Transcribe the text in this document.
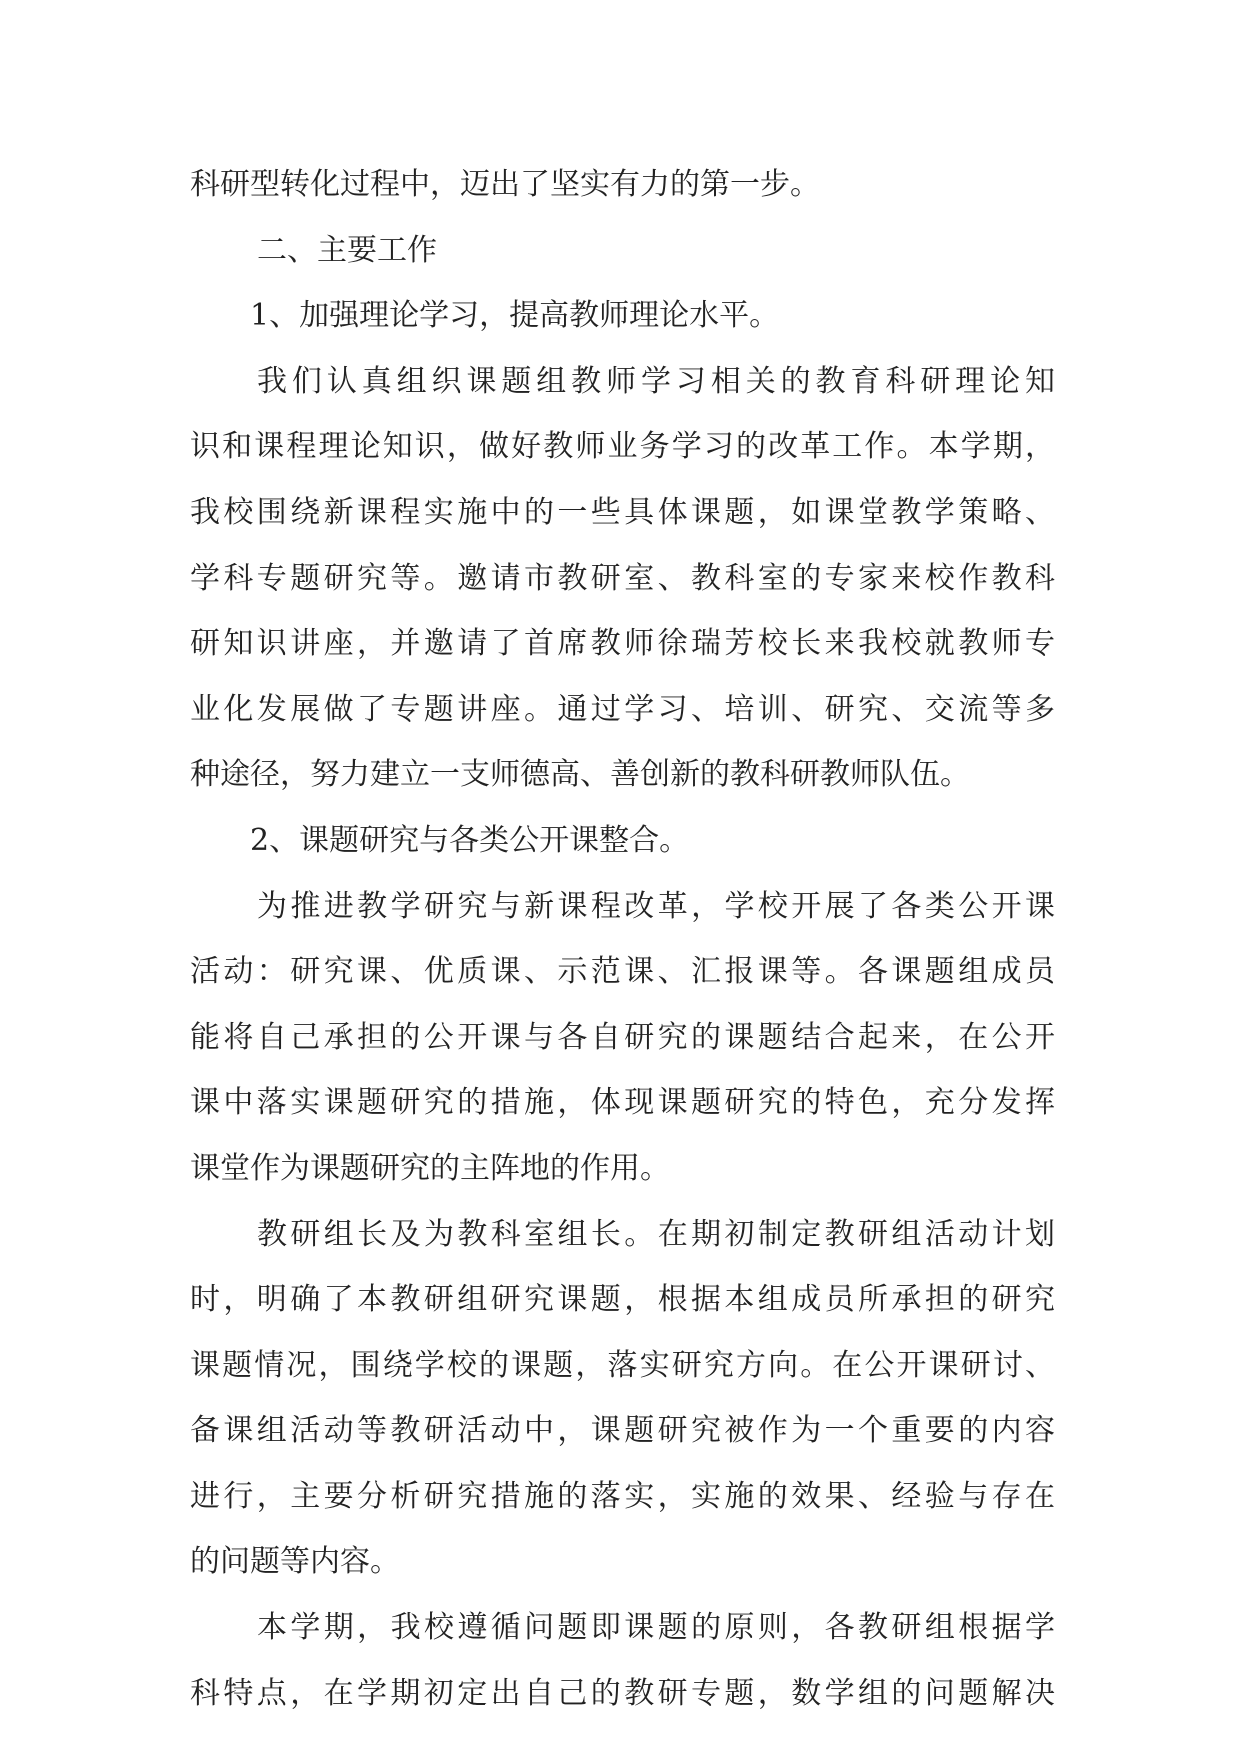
科研型转化过程中，迈出了坚实有力的第一步。
二、主要工作
1、加强理论学习，提高教师理论水平。
我们认真组织课题组教师学习相关的教育科研理论知
识和课程理论知识，做好教师业务学习的改革工作。本学期，
我校围绕新课程实施中的一些具体课题，如课堂教学策略、
学科专题研究等。邀请市教研室、教科室的专家来校作教科
研知识讲座，并邀请了首席教师徐瑞芳校长来我校就教师专
业化发展做了专题讲座。通过学习、培训、研究、交流等多
种途径，努力建立一支师德高、善创新的教科研教师队伍。
2、课题研究与各类公开课整合。
为推进教学研究与新课程改革，学校开展了各类公开课
活动：研究课、优质课、示范课、汇报课等。各课题组成员
能将自己承担的公开课与各自研究的课题结合起来，在公开
课中落实课题研究的措施，体现课题研究的特色，充分发挥
课堂作为课题研究的主阵地的作用。
教研组长及为教科室组长。在期初制定教研组活动计划
时，明确了本教研组研究课题，根据本组成员所承担的研究
课题情况，围绕学校的课题，落实研究方向。在公开课研讨、
备课组活动等教研活动中，课题研究被作为一个重要的内容
进行，主要分析研究措施的落实，实施的效果、经验与存在
的问题等内容。
本学期，我校遵循问题即课题的原则，各教研组根据学
科特点，在学期初定出自己的教研专题，数学组的问题解决
